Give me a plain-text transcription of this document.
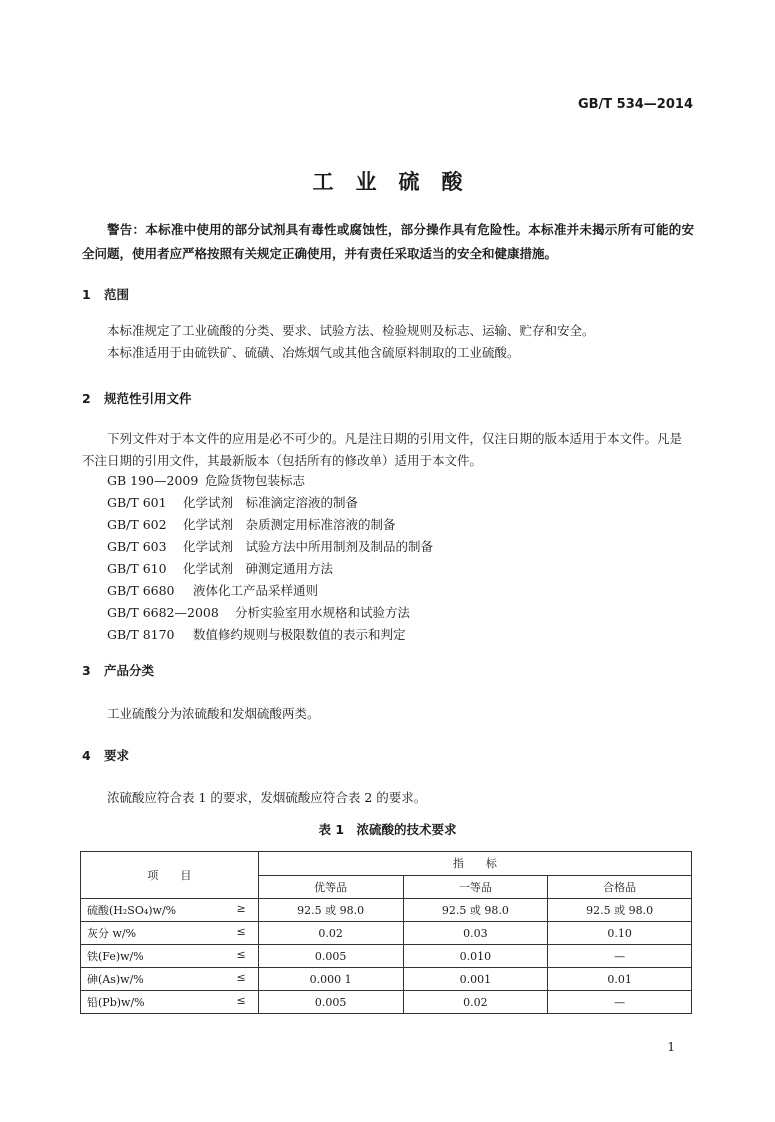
GB/T 534—2014
工业硫酸
警告：本标准中使用的部分试剂具有毒性或腐蚀性，部分操作具有危险性。本标准并未揭示所有可能的安全问题，使用者应严格按照有关规定正确使用，并有责任采取适当的安全和健康措施。
1 范围

本标准规定了工业硫酸的分类、要求、试验方法、检验规则及标志、运输、贮存和安全。

本标准适用于由硫铁矿、硫磺、冶炼烟气或其他含硫原料制取的工业硫酸。

2 规范性引用文件

下列文件对于本文件的应用是必不可少的。凡是注日期的引用文件，仅注日期的版本适用于本文件。凡是不注日期的引用文件，其最新版本（包括所有的修改单）适用于本文件。

GB 190—2009 危险货物包装标志
GB/T 601 化学试剂　标准滴定溶液的制备
GB/T 602 化学试剂　杂质测定用标准溶液的制备
GB/T 603 化学试剂　试验方法中所用制剂及制品的制备
GB/T 610 化学试剂　砷测定通用方法
GB/T 6680 液体化工产品采样通则
GB/T 6682—2008 分析实验室用水规格和试验方法
GB/T 8170 数值修约规则与极限数值的表示和判定
3 产品分类

工业硫酸分为浓硫酸和发烟硫酸两类。

4 要求

浓硫酸应符合表 1 的要求，发烟硫酸应符合表 2 的要求。

表 1　浓硫酸的技术要求
项　　目	指　　标		
	优等品	一等品	合格品
硫酸(H₂SO₄)w/% ≥	92.5 或 98.0	92.5 或 98.0	92.5 或 98.0
灰分 w/% ≤	0.02	0.03	0.10
铁(Fe)w/% ≤	0.005	0.010	—
砷(As)w/% ≤	0.000 1	0.001	0.01
铅(Pb)w/% ≤	0.005	0.02	—
1
